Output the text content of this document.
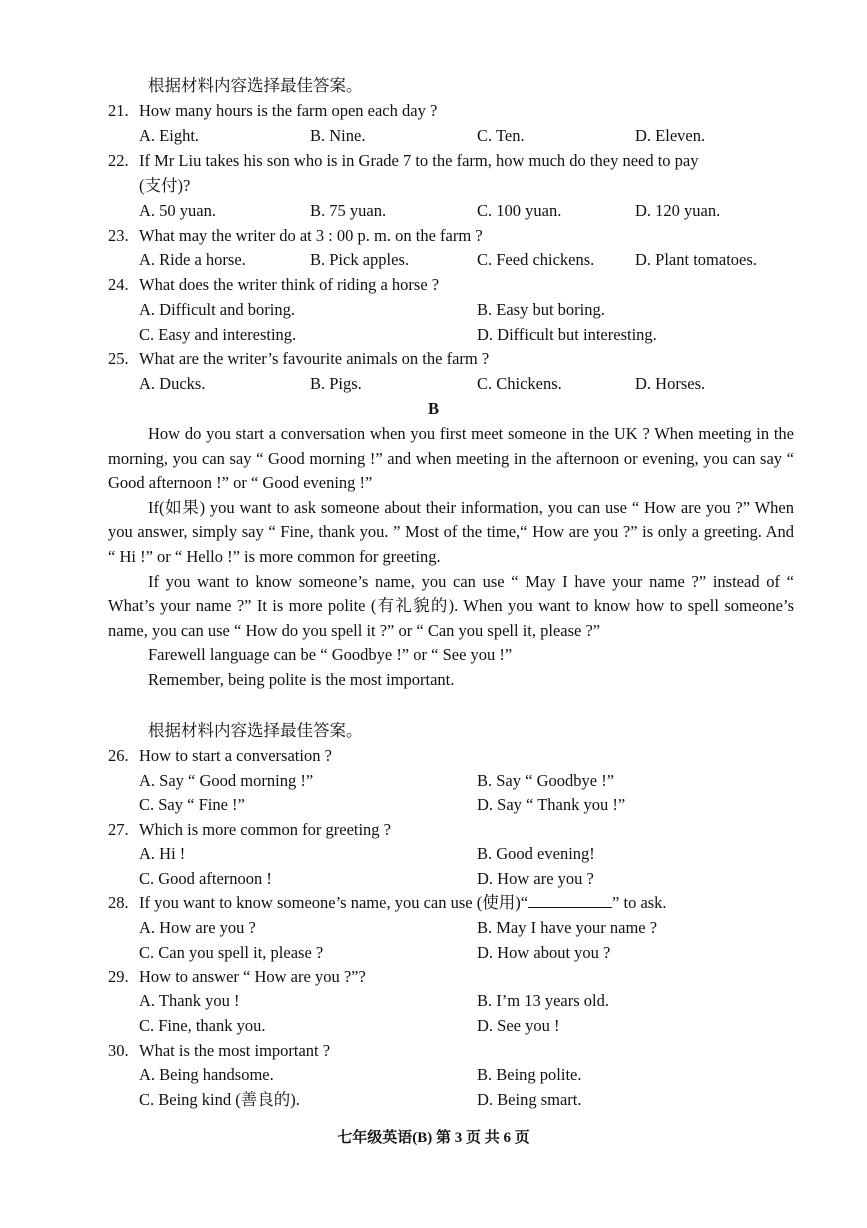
根据材料内容选择最佳答案。
21. How many hours is the farm open each day ?
A. Eight.	B. Nine.	C. Ten.	D. Eleven.
22. If Mr Liu takes his son who is in Grade 7 to the farm, how much do they need to pay
(支付)?
A. 50 yuan.	B. 75 yuan.	C. 100 yuan.	D. 120 yuan.
23. What may the writer do at 3 : 00 p. m. on the farm ?
A. Ride a horse.	B. Pick apples.	C. Feed chickens. D. Plant tomatoes.
24. What does the writer think of riding a horse ?
A. Difficult and boring.	B. Easy but boring.
C. Easy and interesting.	D. Difficult but interesting.
25. What are the writer’s favourite animals on the farm ?
A. Ducks.	B. Pigs.	C. Chickens.	D. Horses.
B

How do you start a conversation when you first meet someone in the UK ? When meeting in the morning, you can say “ Good morning !” and when meeting in the afternoon or evening, you can say “ Good afternoon !” or “ Good evening !”

If(如果) you want to ask someone about their information, you can use “ How are you ?” When you answer, simply say “ Fine, thank you. ” Most of the time,“ How are you ?” is only a greeting. And “ Hi !” or “ Hello !” is more common for greeting.

If you want to know someone’s name, you can use “ May I have your name ?” instead of “ What’s your name ?” It is more polite (有礼貌的). When you want to know how to spell someone’s name, you can use “ How do you spell it ?” or “ Can you spell it, please ?”

Farewell language can be “ Goodbye !” or “ See you !”

Remember, being polite is the most important.

根据材料内容选择最佳答案。
26. How to start a conversation ?
A. Say “ Good morning !”	B. Say “ Goodbye !”
C. Say “ Fine !”	D. Say “ Thank you !”
27. Which is more common for greeting ?
A. Hi !	B. Good evening!
C. Good afternoon !	D. How are you ?
28. If you want to know someone’s name, you can use (使用)“	” to ask.
A. How are you ?	B. May I have your name ?
C. Can you spell it, please ?	D. How about you ?
29. How to answer “ How are you ?”?
A. Thank you !	B. I’m 13 years old.
C. Fine, thank you.	D. See you !
30. What is the most important ?
A. Being handsome.	B. Being polite.
C. Being kind (善良的).	D. Being smart.
七年级英语(B) 第 3 页 共 6 页
